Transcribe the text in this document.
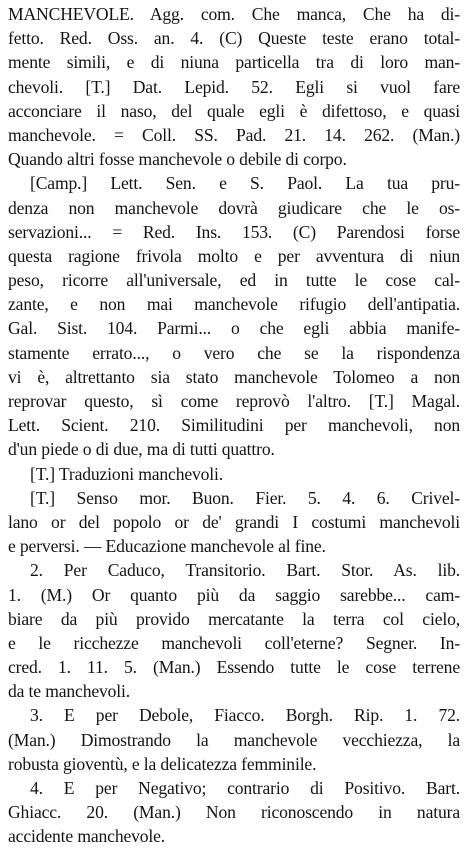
MANCHEVOLE. Agg. com. Che manca, Che ha di-
fetto. Red. Oss. an. 4. (C) Queste teste erano total-
mente simili, e di niuna particella tra di loro man-
chevoli. [T.] Dat. Lepid. 52. Egli si vuol fare
acconciare il naso, del quale egli è difettoso, e quasi
manchevole. = Coll. SS. Pad. 21. 14. 262. (Man.)
Quando altri fosse manchevole o debile di corpo.
[Camp.] Lett. Sen. e S. Paol. La tua pru-
denza non manchevole dovrà giudicare che le os-
servazioni... = Red. Ins. 153. (C) Parendosi forse
questa ragione frivola molto e per avventura di niun
peso, ricorre all'universale, ed in tutte le cose cal-
zante, e non mai manchevole rifugio dell'antipatia.
Gal. Sist. 104. Parmi... o che egli abbia manife-
stamente errato..., o vero che se la rispondenza
vi è, altrettanto sia stato manchevole Tolomeo a non
reprovar questo, sì come reprovò l'altro. [T.] Magal.
Lett. Scient. 210. Similitudini per manchevoli, non
d'un piede o di due, ma di tutti quattro.
[T.] Traduzioni manchevoli.
[T.] Senso mor. Buon. Fier. 5. 4. 6. Crivel-
lano or del popolo or de' grandi I costumi manchevoli
e perversi. — Educazione manchevole al fine.
2. Per Caduco, Transitorio. Bart. Stor. As. lib.
1. (M.) Or quanto più da saggio sarebbe... cam-
biare da più provido mercatante la terra col cielo,
e le ricchezze manchevoli coll'eterne? Segner. In-
cred. 1. 11. 5. (Man.) Essendo tutte le cose terrene
da te manchevoli.
3. E per Debole, Fiacco. Borgh. Rip. 1. 72.
(Man.) Dimostrando la manchevole vecchiezza, la
robusta gioventù, e la delicatezza femminile.
4. E per Negativo; contrario di Positivo. Bart.
Ghiacc. 20. (Man.) Non riconoscendo in natura
accidente manchevole.
